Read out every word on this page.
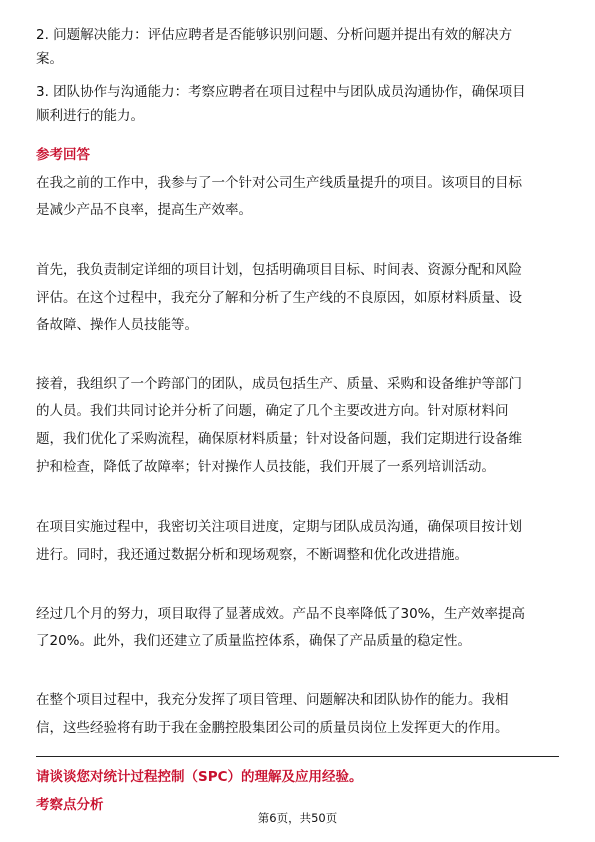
2. 问题解决能力：评估应聘者是否能够识别问题、分析问题并提出有效的解决方
案。
3. 团队协作与沟通能力：考察应聘者在项目过程中与团队成员沟通协作，确保项目
顺利进行的能力。
参考回答
在我之前的工作中，我参与了一个针对公司生产线质量提升的项目。该项目的目标
是减少产品不良率，提高生产效率。
首先，我负责制定详细的项目计划，包括明确项目目标、时间表、资源分配和风险
评估。在这个过程中，我充分了解和分析了生产线的不良原因，如原材料质量、设
备故障、操作人员技能等。
接着，我组织了一个跨部门的团队，成员包括生产、质量、采购和设备维护等部门
的人员。我们共同讨论并分析了问题，确定了几个主要改进方向。针对原材料问
题，我们优化了采购流程，确保原材料质量；针对设备问题，我们定期进行设备维
护和检查，降低了故障率；针对操作人员技能，我们开展了一系列培训活动。
在项目实施过程中，我密切关注项目进度，定期与团队成员沟通，确保项目按计划
进行。同时，我还通过数据分析和现场观察，不断调整和优化改进措施。
经过几个月的努力，项目取得了显著成效。产品不良率降低了30%，生产效率提高
了20%。此外，我们还建立了质量监控体系，确保了产品质量的稳定性。
在整个项目过程中，我充分发挥了项目管理、问题解决和团队协作的能力。我相
信，这些经验将有助于我在金鹏控股集团公司的质量员岗位上发挥更大的作用。
请谈谈您对统计过程控制（SPC）的理解及应用经验。
考察点分析
第6页，共50页
